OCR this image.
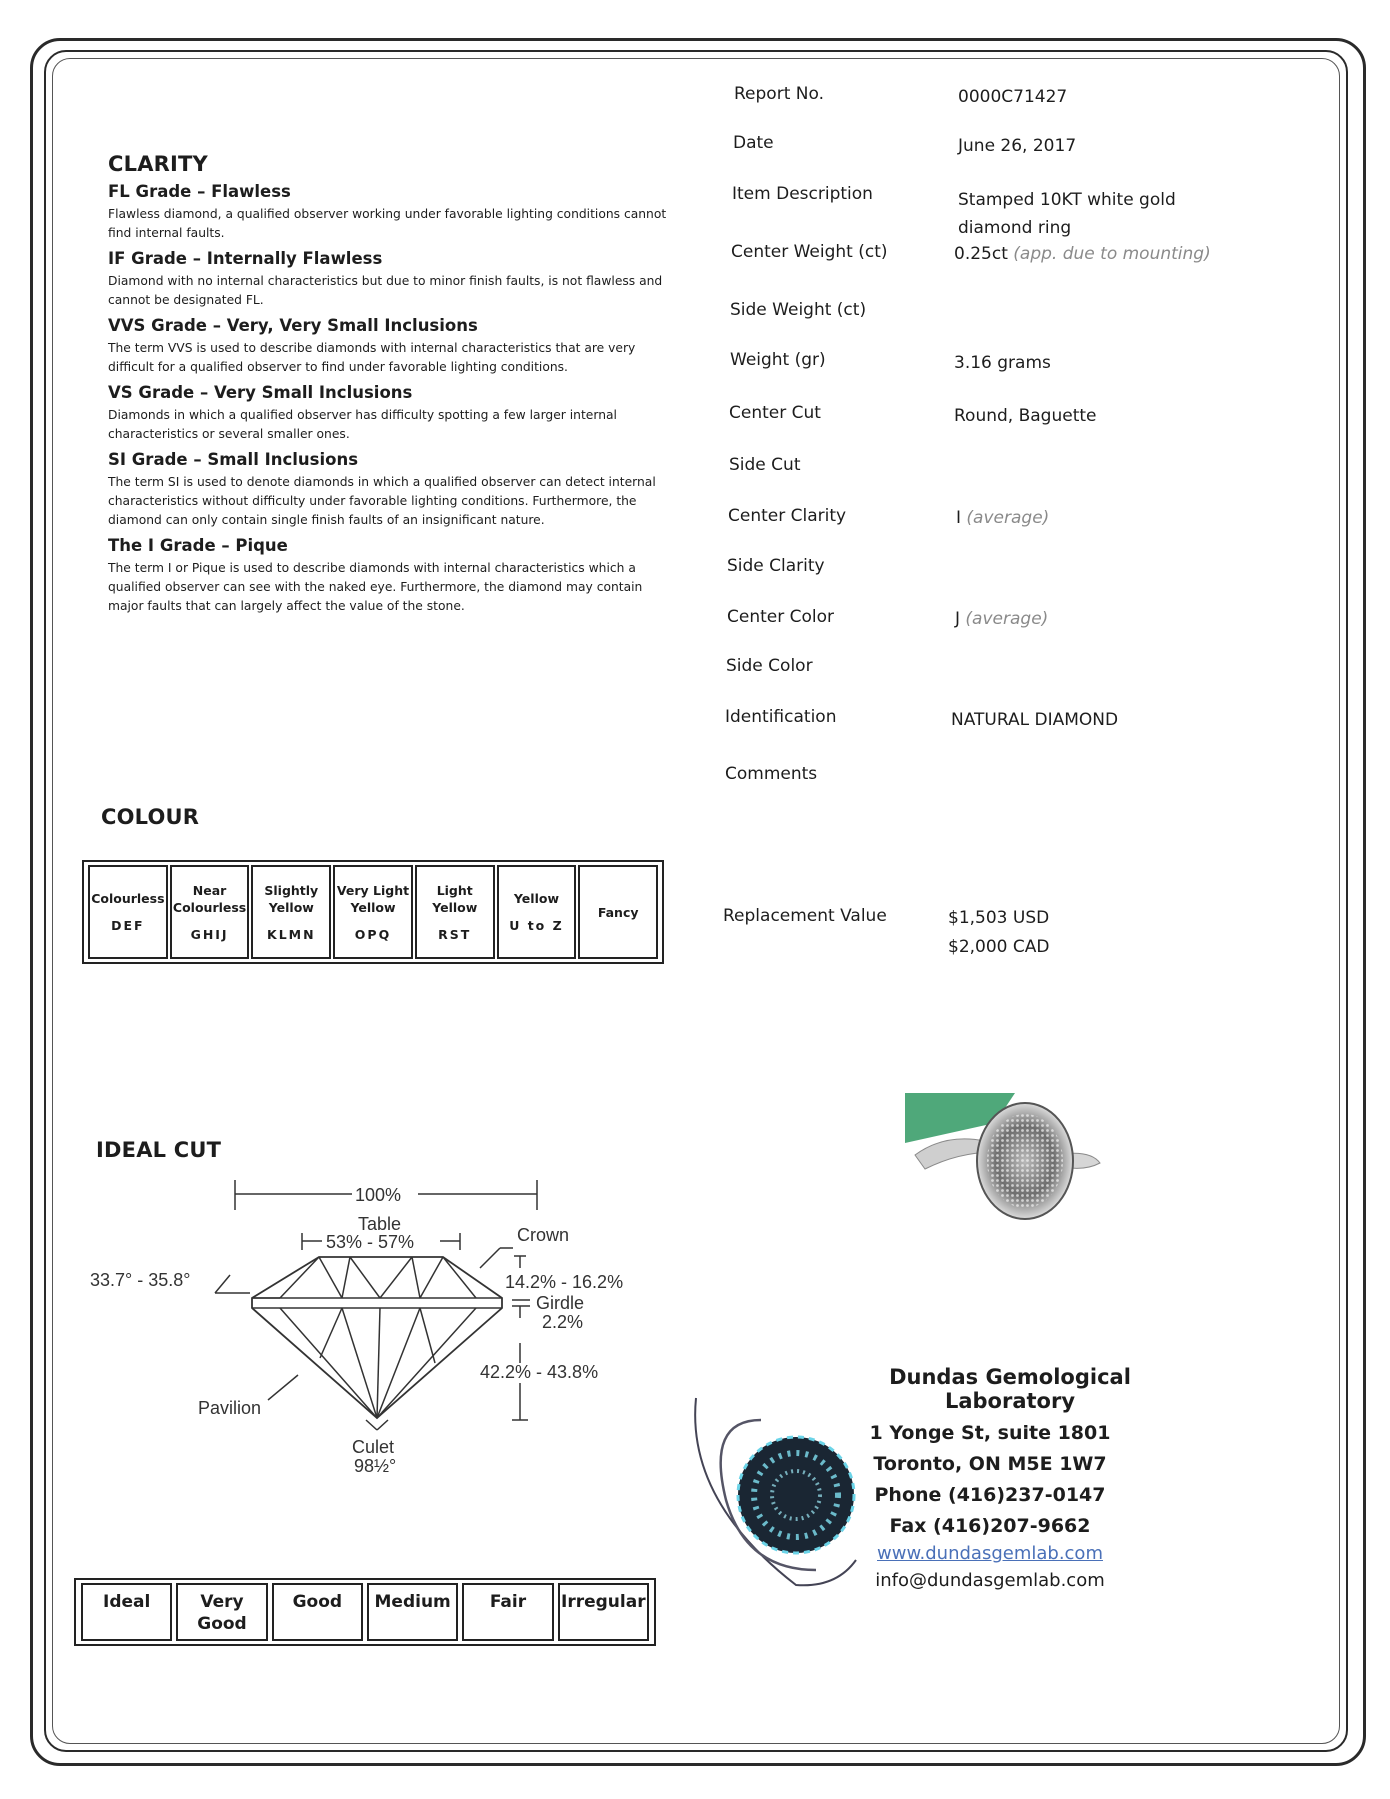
CLARITY
FL Grade – Flawless
Flawless diamond, a qualified observer working under favorable lighting conditions cannot find internal faults.
IF Grade – Internally Flawless
Diamond with no internal characteristics but due to minor finish faults, is not flawless and cannot be designated FL.
VVS Grade – Very, Very Small Inclusions
The term VVS is used to describe diamonds with internal characteristics that are very difficult for a qualified observer to find under favorable lighting conditions.
VS Grade – Very Small Inclusions
Diamonds in which a qualified observer has difficulty spotting a few larger internal characteristics or several smaller ones.
SI Grade – Small Inclusions
The term SI is used to denote diamonds in which a qualified observer can detect internal characteristics without difficulty under favorable lighting conditions. Furthermore, the diamond can only contain single finish faults of an insignificant nature.
The I Grade – Pique
The term I or Pique is used to describe diamonds with internal characteristics which a qualified observer can see with the naked eye. Furthermore, the diamond may contain major faults that can largely affect the value of the stone.
COLOUR
Colourless
DEF
Near Colourless
GHIJ
Slightly Yellow
KLMN
Very Light Yellow
OPQ
Light Yellow
RST
Yellow
U to Z
Fancy
IDEAL CUT
100%
Table
53% - 57%	Crown
33.7° - 35.8°	14.2% - 16.2%
Girdle
2.2%
42.2% - 43.8%
Pavilion
Culet
98½°
Ideal	Very Good
Good	Medium	Fair	Irregular
Report No.	0000C71427
Date	June 26, 2017
Item Description	Stamped 10KT white gold diamond ring
Center Weight (ct)	0.25ct (app. due to mounting)
Side Weight (ct)
Weight (gr)	3.16 grams
Center Cut	Round, Baguette
Side Cut
Center Clarity	I (average)
Side Clarity
Center Color	J (average)
Side Color
Identification	NATURAL DIAMOND
Comments
Replacement Value	$1,503 USD
$2,000 CAD
Dundas Gemological Laboratory
1 Yonge St, suite 1801
Toronto, ON M5E 1W7
Phone (416)237-0147
Fax (416)207-9662
www.dundasgemlab.com
info@dundasgemlab.com
